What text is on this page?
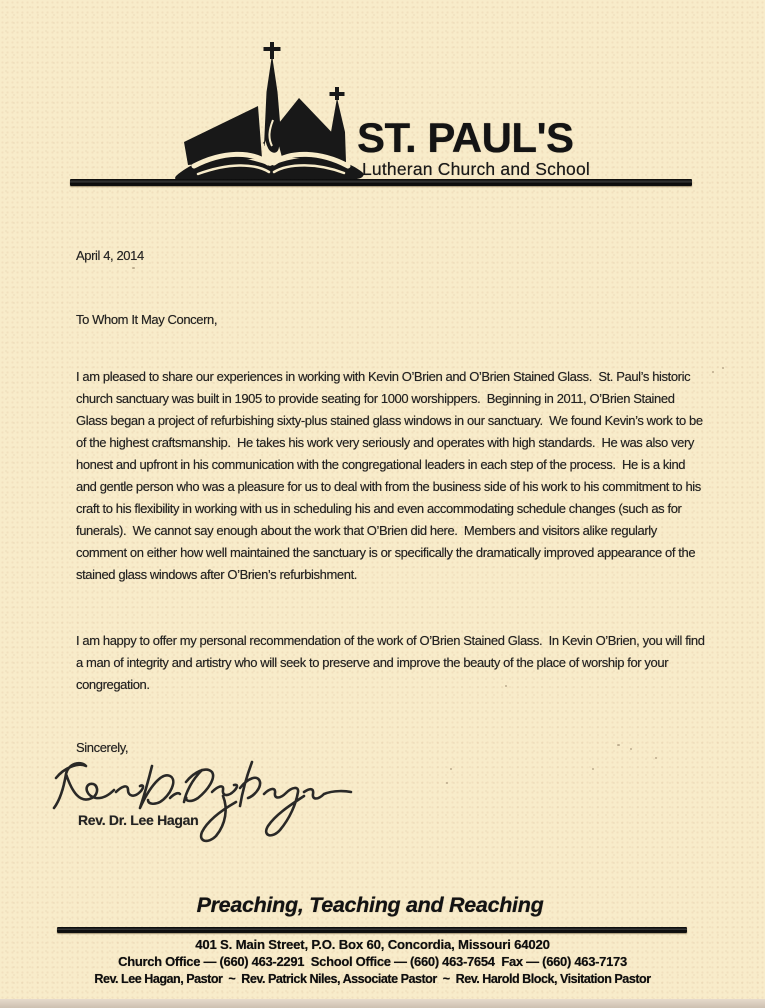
ST. PAUL'S
Lutheran Church and School
April 4, 2014
To Whom It May Concern,
I am pleased to share our experiences in working with Kevin O’Brien and O’Brien Stained Glass.  St. Paul’s historic church sanctuary was built in 1905 to provide seating for 1000 worshippers.  Beginning in 2011, O’Brien Stained Glass began a project of refurbishing sixty-plus stained glass windows in our sanctuary.  We found Kevin’s work to be of the highest craftsmanship.  He takes his work very seriously and operates with high standards.  He was also very honest and upfront in his communication with the congregational leaders in each step of the process.  He is a kind and gentle person who was a pleasure for us to deal with from the business side of his work to his commitment to his craft to his flexibility in working with us in scheduling his and even accommodating schedule changes (such as for funerals).  We cannot say enough about the work that O’Brien did here.  Members and visitors alike regularly comment on either how well maintained the sanctuary is or specifically the dramatically improved appearance of the stained glass windows after O’Brien’s refurbishment.
I am happy to offer my personal recommendation of the work of O’Brien Stained Glass.  In Kevin O’Brien, you will find a man of integrity and artistry who will seek to preserve and improve the beauty of the place of worship for your congregation.
Sincerely,
Rev. Dr. Lee Hagan
Preaching, Teaching and Reaching
401 S. Main Street, P.O. Box 60, Concordia, Missouri 64020
Church Office — (660) 463-2291  School Office — (660) 463-7654  Fax — (660) 463-7173
Rev. Lee Hagan, Pastor  ~  Rev. Patrick Niles, Associate Pastor  ~  Rev. Harold Block, Visitation Pastor
